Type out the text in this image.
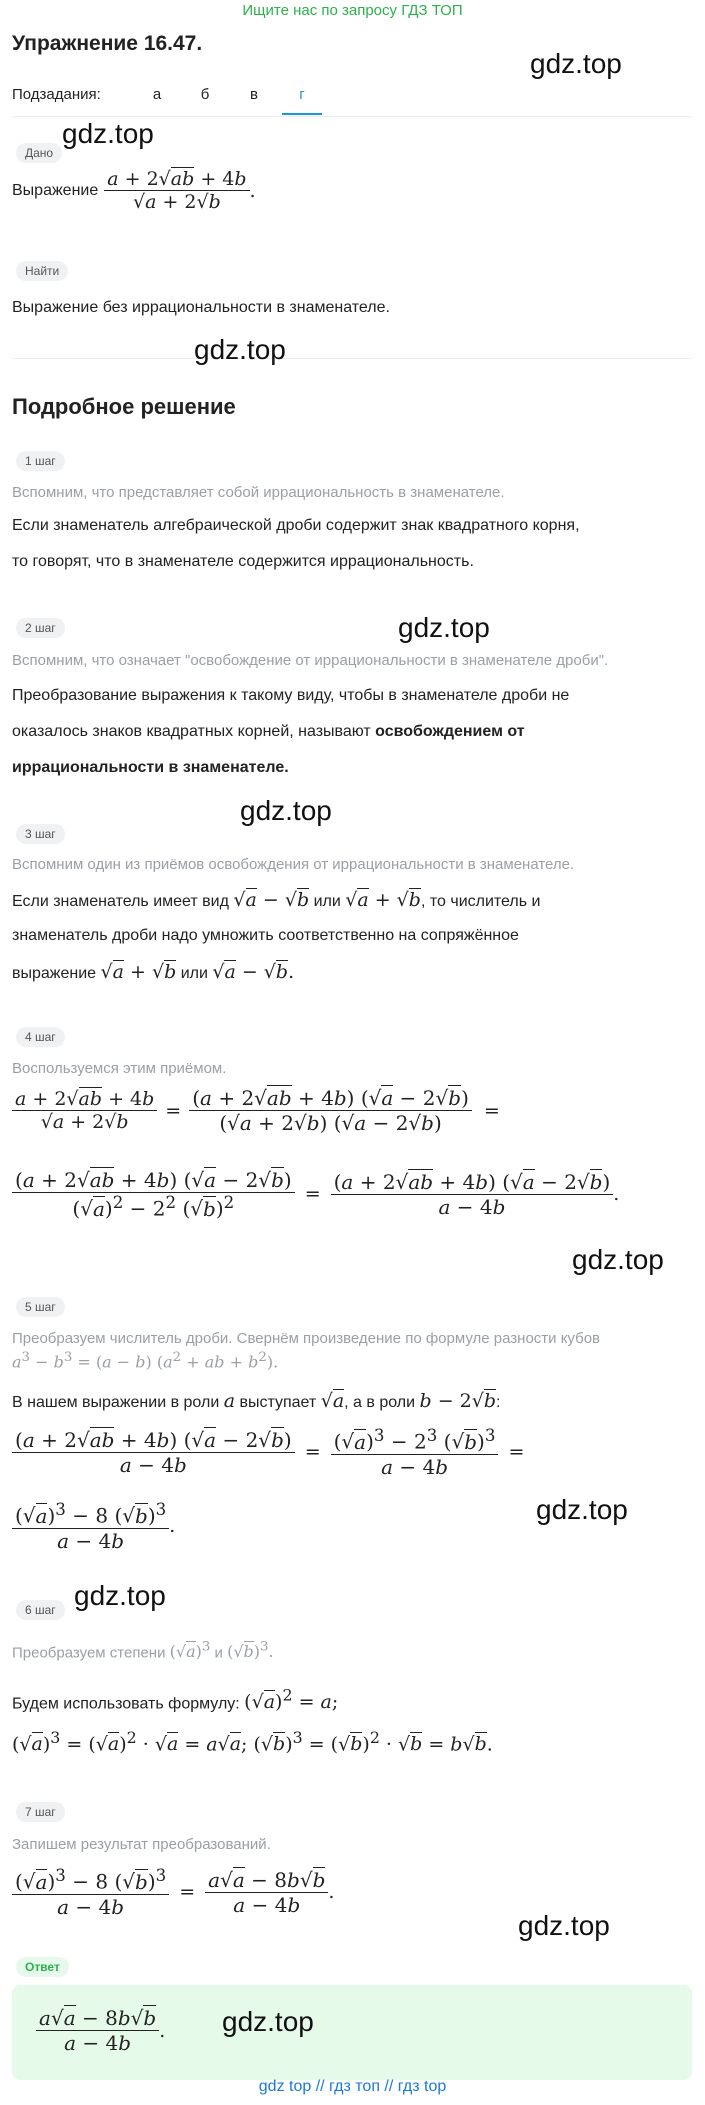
Ищите нас по запросу ГДЗ ТОП
Упражнение 16.47.
gdz.top
Подзадания:	а	б	в	г
Дано
gdz.top
Выражение $\frac{a + 2√ab + 4b}{√a + 2√b}$ .
Найти
Выражение без иррациональности в знаменателе.
gdz.top
Подробное решение
1 шаг
Вспомним, что представляет собой иррациональность в знаменателе.
Если знаменатель алгебраической дроби содержит знак квадратного корня,
то говорят, что в знаменателе содержится иррациональность.
2 шаг	gdz.top
Вспомним, что означает "освобождение от иррациональности в знаменателе дроби".
Преобразование выражения к такому виду, чтобы в знаменателе дроби не
оказалось знаков квадратных корней, называют освобождением от
иррациональности в знаменателе.
gdz.top
3 шаг
Вспомним один из приёмов освобождения от иррациональности в знаменателе.
Если знаменатель имеет вид √a − √b или √a + √b, то числитель и
знаменатель дроби надо умножить соответственно на сопряжённое
выражение √a + √b или √a − √b.
4 шаг
Воспользуемся этим приёмом.
$\frac{a + 2√ab + 4b}{√a + 2√b} = \frac{(a + 2√ab + 4b) (√a - 2√b)}{(√a + 2√b) (√a - 2√b)}$ =
$\frac{(a + 2√ab + 4b) (√a - 2√b)}{(√a)^2 - 2^2 (√b)^2} = \frac{(a + 2√ab + 4b) (√a - 2√b)}{a - 4b}$ .
gdz.top
5 шаг
Преобразуем числитель дроби. Свернём произведение по формуле разности кубов
$a^3 - b^3 = (a - b) (a^2$ + ab + $b^2$).
В нашем выражении в роли a выступает √a, а в роли b − 2√b:
$\frac{(a + 2√ab + 4b) (√a - 2√b)}{a - 4b} = \frac{(√a)^3 - 2^3 (√b)^3}{a - 4b}$ =
$\frac{(√a)^3 - 8 (√b)^3}{a - 4b}$ .
gdz.top
gdz.top
6 шаг
Преобразуем степени $(√a)^3$ и $(√b)^3$.
Будем использовать формулу: $(√a)^2 = a$;
$(√a)^3 = (√a)^2 \cdot √a = a√a$; $(√b)^3 = (√b)^2 \cdot √b = b√b$.
7 шаг
Запишем результат преобразований.
$\frac{(√a)^3 - 8 (√b)^3}{a - 4b} = \frac{a√a - 8b√b}{a - 4b}$ .
gdz.top
Ответ
$\frac{a√a - 8b√b}{a - 4b}$ . gdz.top
gdz top // гдз топ // гдз top
